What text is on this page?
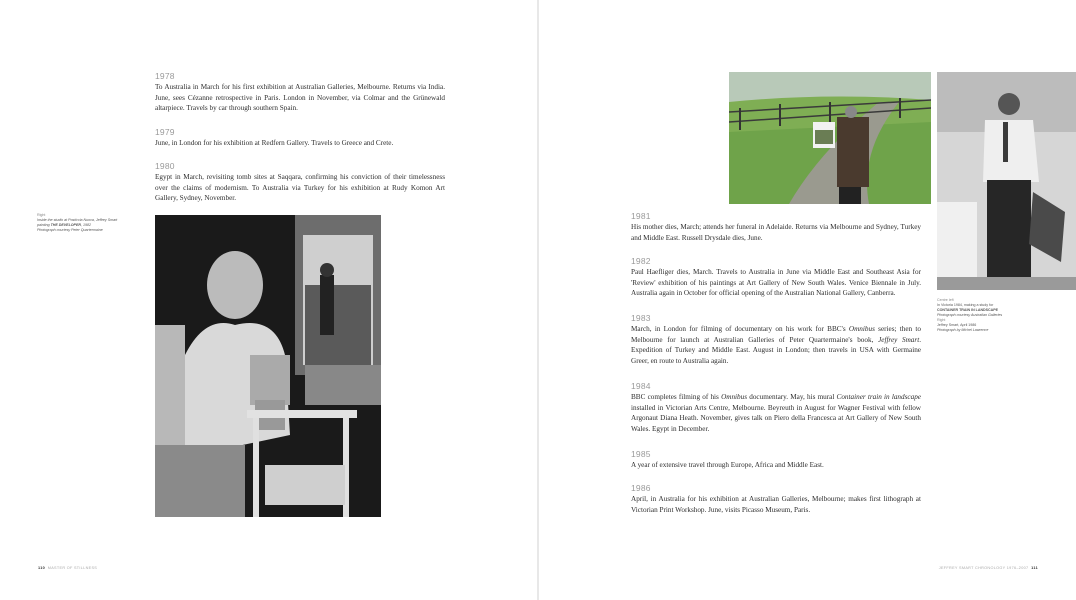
1978
To Australia in March for his first exhibition at Australian Galleries, Melbourne. Returns via India. June, sees Cézanne retrospective in Paris. London in November, via Colmar and the Grünewald altarpiece. Travels by car through southern Spain.
1979
June, in London for his exhibition at Redfern Gallery. Travels to Greece and Crete.
1980
Egypt in March, revisiting tomb sites at Saqqara, confirming his conviction of their timelessness over the claims of modernism. To Australia via Turkey for his exhibition at Rudy Komon Art Gallery, Sydney, November.
Right
Inside the studio at Posticcia Nuova, Jeffrey Smart
painting THE DEVELOPER, 1982
Photograph courtesy Peter Quartermaine
110 MASTER OF STILLNESS
Centre left
In Victoria 1984, making a study for
CONTAINER TRAIN IN LANDSCAPE
Photograph courtesy Australian Galleries
Right
Jeffrey Smart, April 1986
Photograph by Michel Lawrence
1981
His mother dies, March; attends her funeral in Adelaide. Returns via Melbourne and Sydney, Turkey and Middle East. Russell Drysdale dies, June.
1982
Paul Haefliger dies, March. Travels to Australia in June via Middle East and Southeast Asia for 'Review' exhibition of his paintings at Art Gallery of New South Wales. Venice Biennale in July. Australia again in October for official opening of the Australian National Gallery, Canberra.
1983
March, in London for filming of documentary on his work for BBC's Omnibus series; then to Melbourne for launch at Australian Galleries of Peter Quartermaine's book, Jeffrey Smart. Expedition of Turkey and Middle East. August in London; then travels in USA with Germaine Greer, en route to Australia again.
1984
BBC completes filming of his Omnibus documentary. May, his mural Container train in landscape installed in Victorian Arts Centre, Melbourne. Beyreuth in August for Wagner Festival with fellow Argonaut Diana Heath. November, gives talk on Piero della Francesca at Art Gallery of New South Wales. Egypt in December.
1985
A year of extensive travel through Europe, Africa and Middle East.
1986
April, in Australia for his exhibition at Australian Galleries, Melbourne; makes first lithograph at Victorian Print Workshop. June, visits Picasso Museum, Paris.
JEFFREY SMART CHRONOLOGY 1976–2007 111
